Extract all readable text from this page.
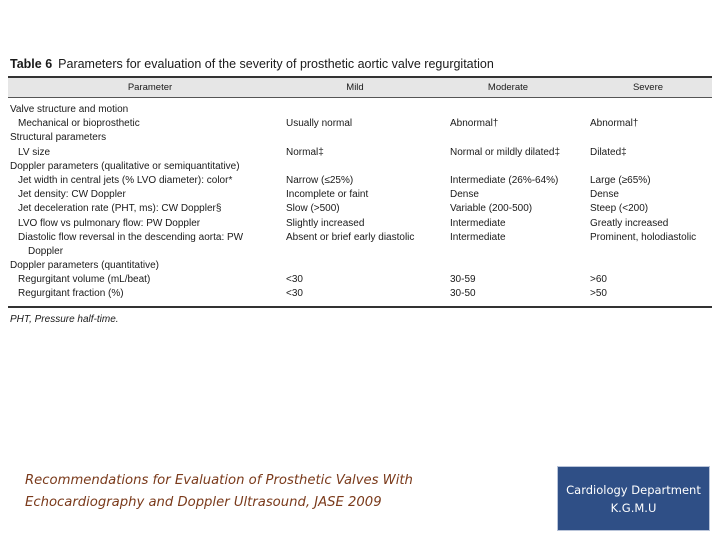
Table 6 Parameters for evaluation of the severity of prosthetic aortic valve regurgitation
Parameter	Mild	Moderate	Severe
Valve structure and motion
Mechanical or bioprosthetic	Usually normal	Abnormal†	Abnormal†
Structural parameters
LV size	Normal‡	Normal or mildly dilated‡	Dilated‡
Doppler parameters (qualitative or semiquantitative)
Jet width in central jets (% LVO diameter): color*	Narrow (≤25%)	Intermediate (26%-64%)	Large (≥65%)
Jet density: CW Doppler	Incomplete or faint	Dense	Dense
Jet deceleration rate (PHT, ms): CW Doppler§	Slow (>500)	Variable (200-500)	Steep (<200)
LVO flow vs pulmonary flow: PW Doppler	Slightly increased	Intermediate	Greatly increased
Diastolic flow reversal in the descending aorta: PW	Absent or brief early diastolic	Intermediate	Prominent, holodiastolic
Doppler
Doppler parameters (quantitative)
Regurgitant volume (mL/beat)	<30	30-59	>60
Regurgitant fraction (%)	<30	30-50	>50
PHT, Pressure half-time.
Recommendations for Evaluation of Prosthetic Valves With
Echocardiography and Doppler Ultrasound, JASE 2009
Cardiology Department
K.G.M.U
